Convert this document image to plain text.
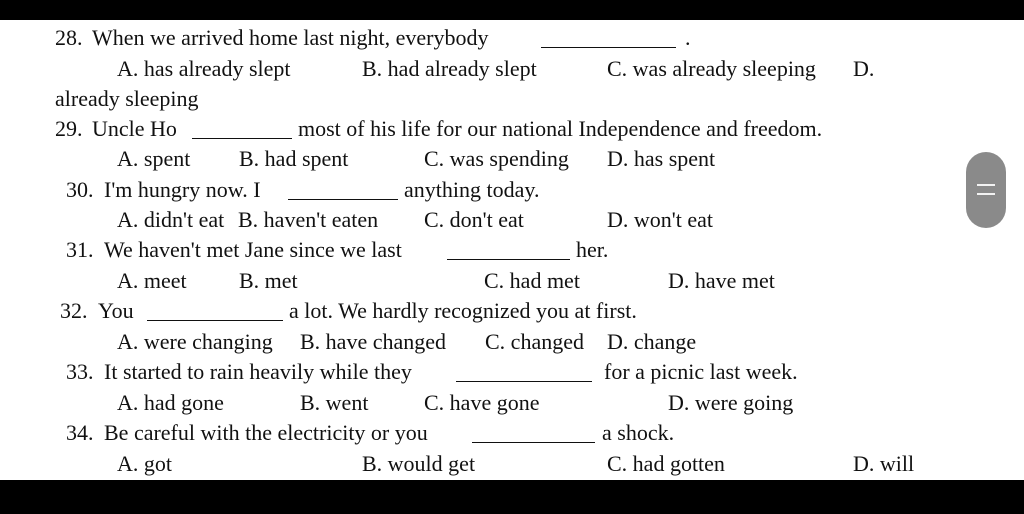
28. When we arrived home last night, everybody	.
A. has already slept	B. had already slept	C. was already sleeping D.
already sleeping
29. Uncle Ho	most of his life for our national Independence and freedom.
A. spent B. had spent	C. was spending D. has spent
30. I'm hungry now. I	anything today.
A. didn't eat B. haven't eaten C. don't eat	D. won't eat
31. We haven't met Jane since we last	her.
A. meet B. met	C. had met	D. have met
32. You	a lot. We hardly recognized you at first.
A. were changing B. have changed C. changed D. change
33. It started to rain heavily while they	for a picnic last week.
A. had gone	B. went	C. have gone	D. were going
34. Be careful with the electricity or you	a shock.
A. got	B. would get	C. had gotten	D. will
